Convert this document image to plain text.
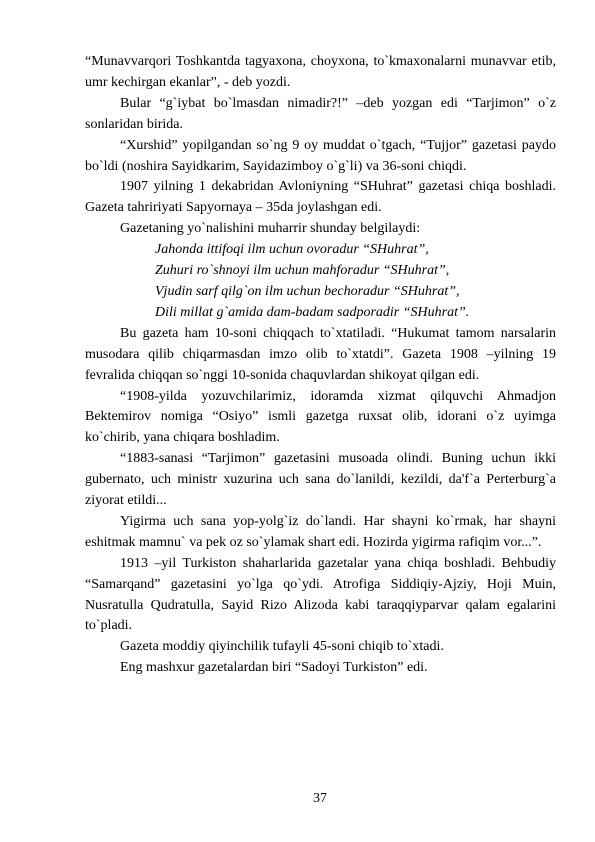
“Munavvarqori Toshkantda tagyaxona, choyxona, to`kmaxonalarni munavvar etib, umr kechirgan ekanlar”, - deb yozdi.

Bular “g`iybat bo`lmasdan nimadir?!” –deb yozgan edi “Tarjimon” o`z sonlaridan birida.

“Xurshid” yopilgandan so`ng 9 oy muddat o`tgach, “Tujjor” gazetasi paydo bo`ldi (noshira Sayidkarim, Sayidazimboy o`g`li) va 36-soni chiqdi.

1907 yilning 1 dekabridan Avloniyning “SHuhrat” gazetasi chiqa boshladi. Gazeta tahririyati Sapyornaya – 35da joylashgan edi.

Gazetaning yo`nalishini muharrir shunday belgilaydi:

Jahonda ittifoqi ilm uchun ovoradur “SHuhrat”,

Zuhuri ro`shnoyi ilm uchun mahforadur “SHuhrat”,

Vjudin sarf qilg`on ilm uchun bechoradur “SHuhrat”,

Dili millat g`amida dam-badam sadporadir “SHuhrat”.

Bu gazeta ham 10-soni chiqqach to`xtatiladi. “Hukumat tamom narsalarin musodara qilib chiqarmasdan imzo olib to`xtatdi”. Gazeta 1908 –yilning 19 fevralida chiqqan so`nggi 10-sonida chaquvlardan shikoyat qilgan edi.

“1908-yilda yozuvchilarimiz, idoramda xizmat qilquvchi Ahmadjon Bektemirov nomiga “Osiyo” ismli gazetga ruxsat olib, idorani o`z uyimga ko`chirib, yana chiqara boshladim.

“1883-sanasi “Tarjimon” gazetasini musoada olindi. Buning uchun ikki gubernato, uch ministr xuzurina uch sana do`lanildi, kezildi, da'f`a Perterburg`a ziyorat etildi...

Yigirma uch sana yop-yolg`iz do`landi. Har shayni ko`rmak, har shayni eshitmak mamnu` va pek oz so`ylamak shart edi. Hozirda yigirma rafiqim vor...”.

1913 –yil Turkiston shaharlarida gazetalar yana chiqa boshladi. Behbudiy “Samarqand” gazetasini yo`lga qo`ydi. Atrofiga Siddiqiy-Ajziy, Hoji Muin, Nusratulla Qudratulla, Sayid Rizo Alizoda kabi taraqqiyparvar qalam egalarini to`pladi.

Gazeta moddiy qiyinchilik tufayli 45-soni chiqib to`xtadi.

Eng mashxur gazetalardan biri “Sadoyi Turkiston” edi.

37
